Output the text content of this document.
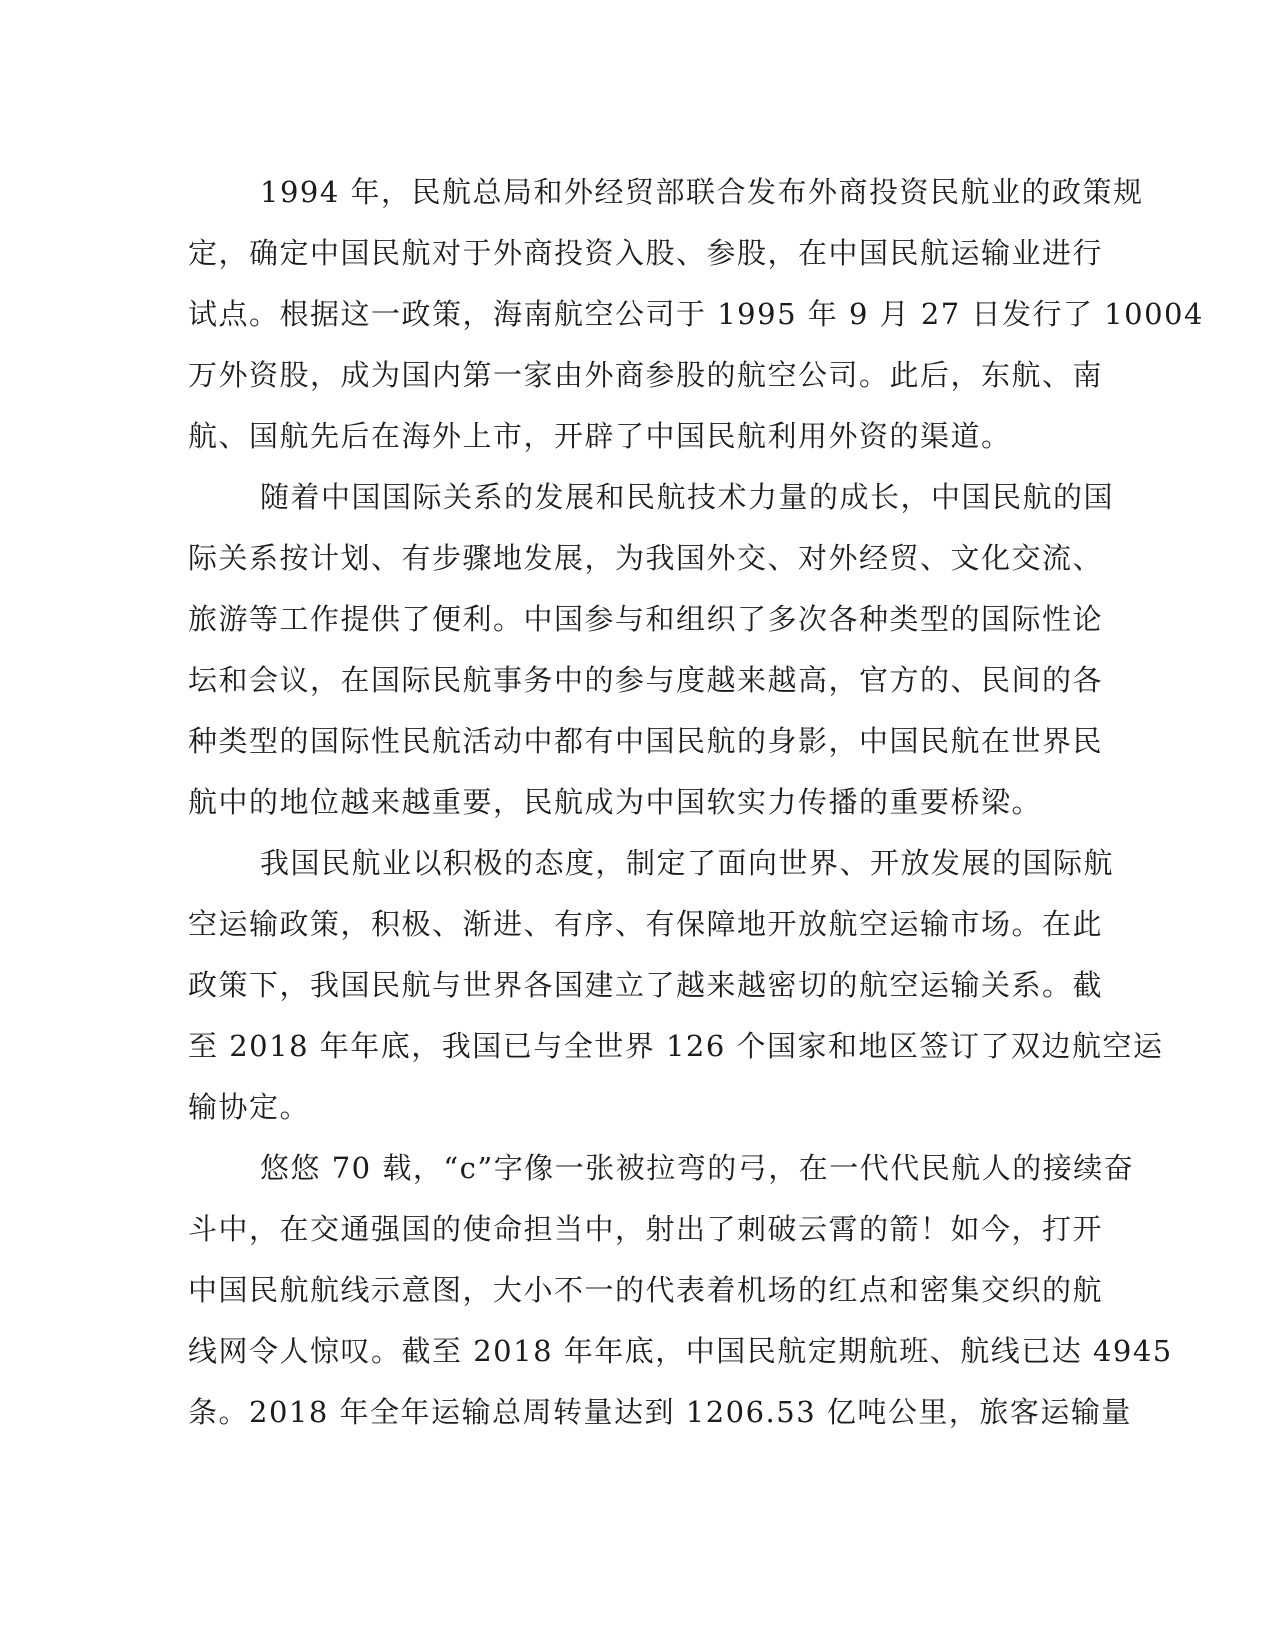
1994 年，民航总局和外经贸部联合发布外商投资民航业的政策规
定，确定中国民航对于外商投资入股、参股，在中国民航运输业进行
试点。根据这一政策，海南航空公司于 1995 年 9 月 27 日发行了 10004
万外资股，成为国内第一家由外商参股的航空公司。此后，东航、南
航、国航先后在海外上市，开辟了中国民航利用外资的渠道。

随着中国国际关系的发展和民航技术力量的成长，中国民航的国
际关系按计划、有步骤地发展，为我国外交、对外经贸、文化交流、
旅游等工作提供了便利。中国参与和组织了多次各种类型的国际性论
坛和会议，在国际民航事务中的参与度越来越高，官方的、民间的各
种类型的国际性民航活动中都有中国民航的身影，中国民航在世界民
航中的地位越来越重要，民航成为中国软实力传播的重要桥梁。

我国民航业以积极的态度，制定了面向世界、开放发展的国际航
空运输政策，积极、渐进、有序、有保障地开放航空运输市场。在此
政策下，我国民航与世界各国建立了越来越密切的航空运输关系。截
至 2018 年年底，我国已与全世界 126 个国家和地区签订了双边航空运
输协定。

悠悠 70 载，“c”字像一张被拉弯的弓，在一代代民航人的接续奋
斗中，在交通强国的使命担当中，射出了刺破云霄的箭！如今，打开
中国民航航线示意图，大小不一的代表着机场的红点和密集交织的航
线网令人惊叹。截至 2018 年年底，中国民航定期航班、航线已达 4945
条。2018 年全年运输总周转量达到 1206.53 亿吨公里，旅客运输量
